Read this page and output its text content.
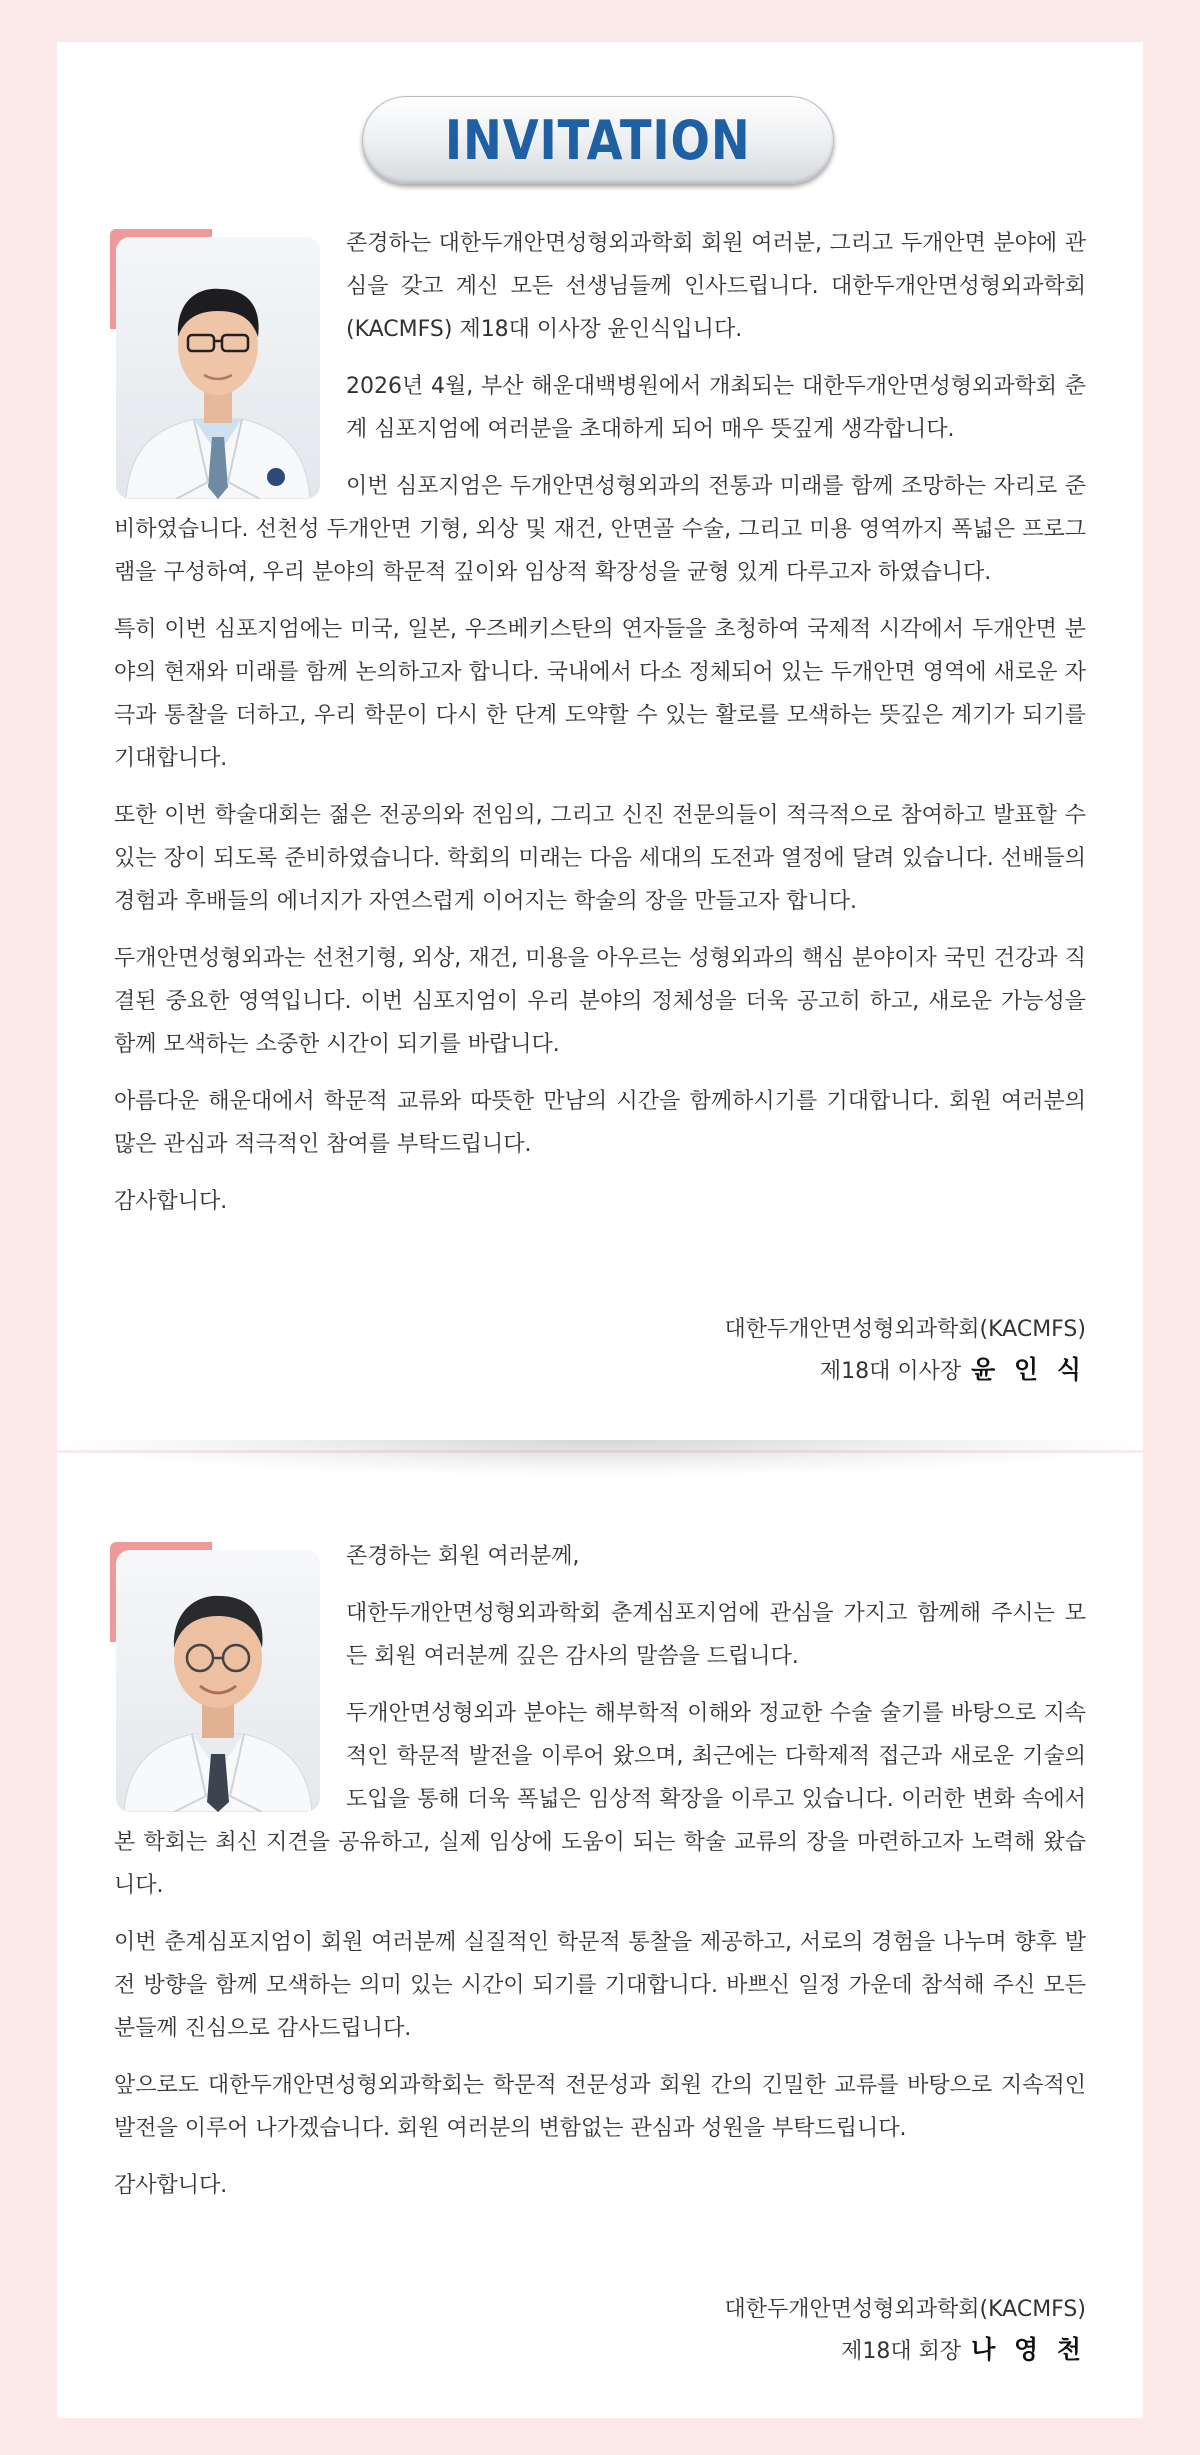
INVITATION

존경하는 대한두개안면성형외과학회 회원 여러분, 그리고 두개안면 분야에 관심을 갖고 계신 모든 선생님들께 인사드립니다. 대한두개안면성형외과학회(KACMFS) 제18대 이사장 윤인식입니다.

2026년 4월, 부산 해운대백병원에서 개최되는 대한두개안면성형외과학회 춘계 심포지엄에 여러분을 초대하게 되어 매우 뜻깊게 생각합니다.

이번 심포지엄은 두개안면성형외과의 전통과 미래를 함께 조망하는 자리로 준비하였습니다. 선천성 두개안면 기형, 외상 및 재건, 안면골 수술, 그리고 미용 영역까지 폭넓은 프로그램을 구성하여, 우리 분야의 학문적 깊이와 임상적 확장성을 균형 있게 다루고자 하였습니다.

특히 이번 심포지엄에는 미국, 일본, 우즈베키스탄의 연자들을 초청하여 국제적 시각에서 두개안면 분야의 현재와 미래를 함께 논의하고자 합니다. 국내에서 다소 정체되어 있는 두개안면 영역에 새로운 자극과 통찰을 더하고, 우리 학문이 다시 한 단계 도약할 수 있는 활로를 모색하는 뜻깊은 계기가 되기를 기대합니다.

또한 이번 학술대회는 젊은 전공의와 전임의, 그리고 신진 전문의들이 적극적으로 참여하고 발표할 수 있는 장이 되도록 준비하였습니다. 학회의 미래는 다음 세대의 도전과 열정에 달려 있습니다. 선배들의 경험과 후배들의 에너지가 자연스럽게 이어지는 학술의 장을 만들고자 합니다.

두개안면성형외과는 선천기형, 외상, 재건, 미용을 아우르는 성형외과의 핵심 분야이자 국민 건강과 직결된 중요한 영역입니다. 이번 심포지엄이 우리 분야의 정체성을 더욱 공고히 하고, 새로운 가능성을 함께 모색하는 소중한 시간이 되기를 바랍니다.

아름다운 해운대에서 학문적 교류와 따뜻한 만남의 시간을 함께하시기를 기대합니다. 회원 여러분의 많은 관심과 적극적인 참여를 부탁드립니다.

감사합니다.

대한두개안면성형외과학회(KACMFS)
제18대 이사장 윤 인 식

존경하는 회원 여러분께,

대한두개안면성형외과학회 춘계심포지엄에 관심을 가지고 함께해 주시는 모든 회원 여러분께 깊은 감사의 말씀을 드립니다.

두개안면성형외과 분야는 해부학적 이해와 정교한 수술 술기를 바탕으로 지속적인 학문적 발전을 이루어 왔으며, 최근에는 다학제적 접근과 새로운 기술의 도입을 통해 더욱 폭넓은 임상적 확장을 이루고 있습니다. 이러한 변화 속에서 본 학회는 최신 지견을 공유하고, 실제 임상에 도움이 되는 학술 교류의 장을 마련하고자 노력해 왔습니다.

이번 춘계심포지엄이 회원 여러분께 실질적인 학문적 통찰을 제공하고, 서로의 경험을 나누며 향후 발전 방향을 함께 모색하는 의미 있는 시간이 되기를 기대합니다. 바쁘신 일정 가운데 참석해 주신 모든 분들께 진심으로 감사드립니다.

앞으로도 대한두개안면성형외과학회는 학문적 전문성과 회원 간의 긴밀한 교류를 바탕으로 지속적인 발전을 이루어 나가겠습니다. 회원 여러분의 변함없는 관심과 성원을 부탁드립니다.

감사합니다.

대한두개안면성형외과학회(KACMFS)
제18대 회장 나 영 천
